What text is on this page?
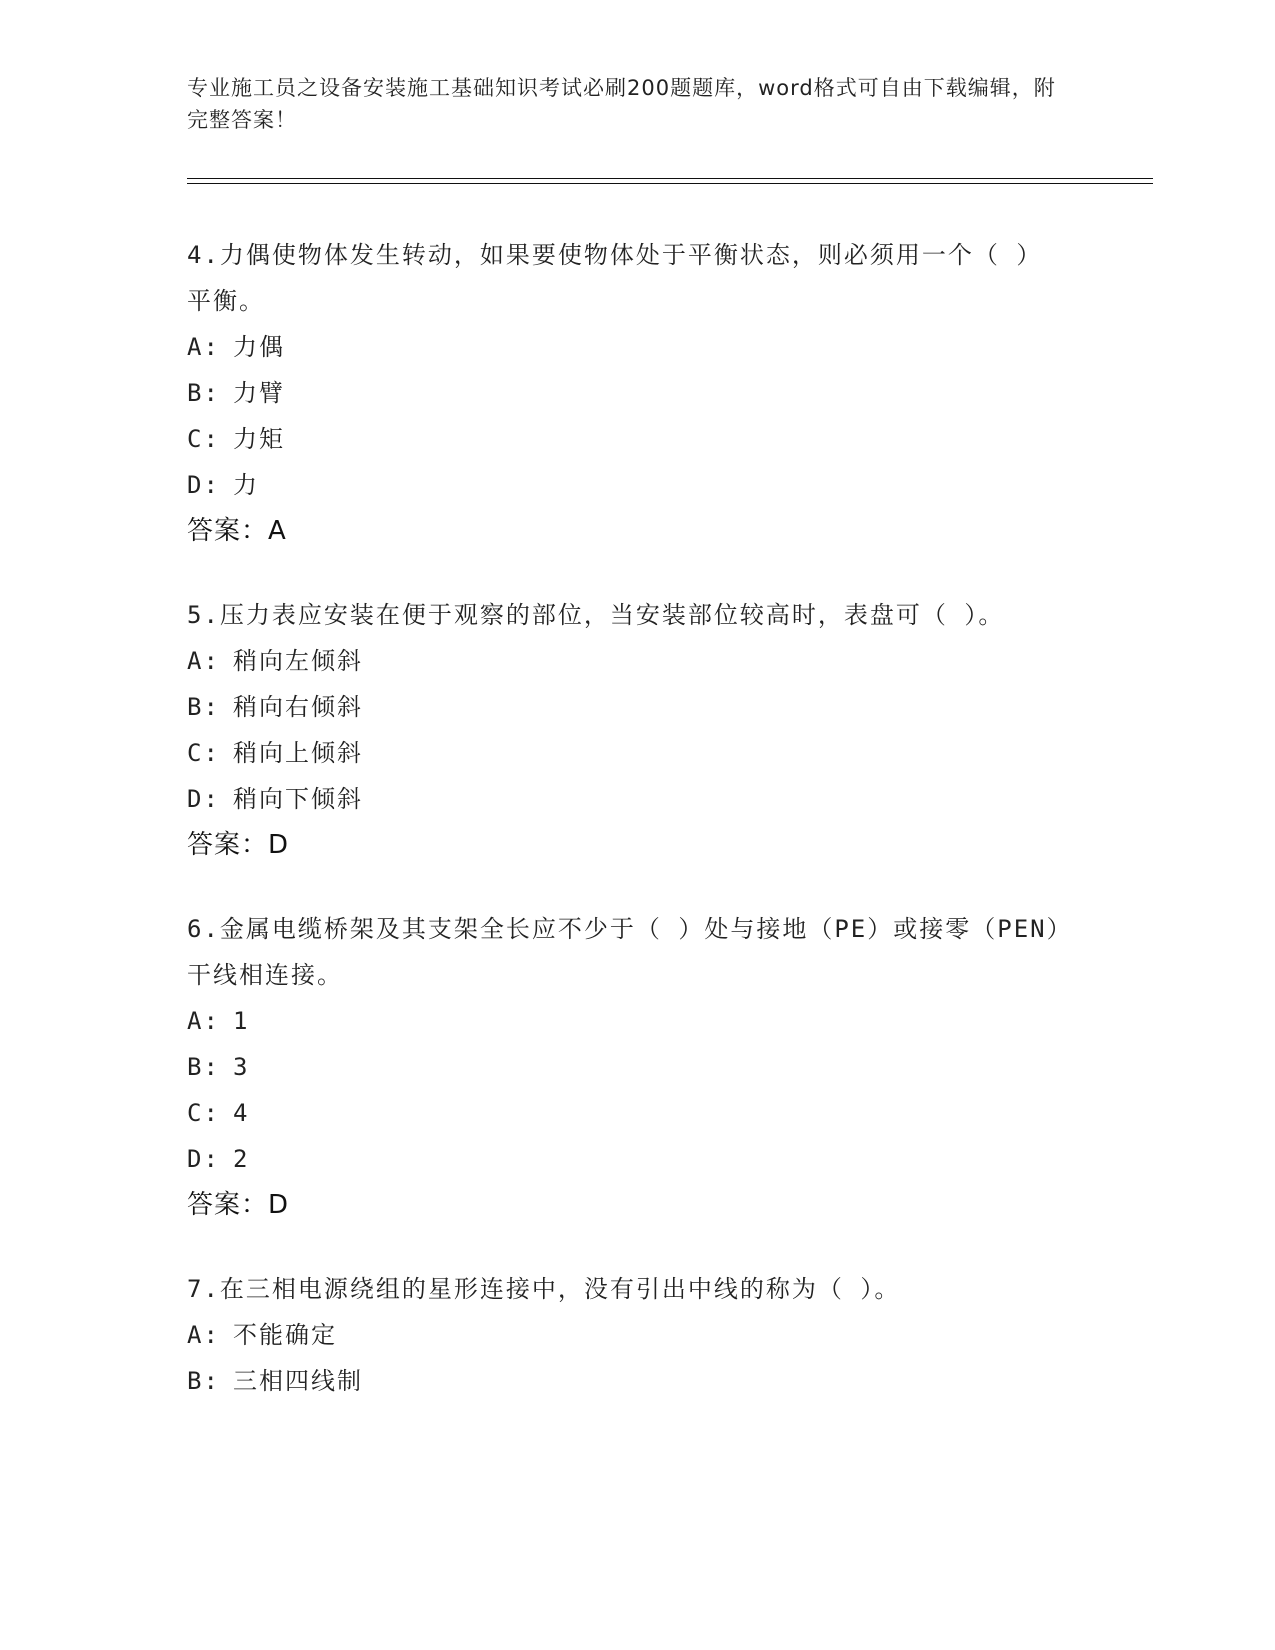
专业施工员之设备安装施工基础知识考试必刷200题题库，word格式可自由下载编辑，附完整答案！
4.力偶使物体发生转动，如果要使物体处于平衡状态，则必须用一个（ ）平衡。
A: 力偶
B: 力臂
C: 力矩
D: 力
答案：A
5.压力表应安装在便于观察的部位，当安装部位较高时，表盘可（ ）。
A: 稍向左倾斜
B: 稍向右倾斜
C: 稍向上倾斜
D: 稍向下倾斜
答案：D
6.金属电缆桥架及其支架全长应不少于（ ）处与接地（PE）或接零（PEN）干线相连接。
A: 1
B: 3
C: 4
D: 2
答案：D
7.在三相电源绕组的星形连接中，没有引出中线的称为（ ）。
A: 不能确定
B: 三相四线制
